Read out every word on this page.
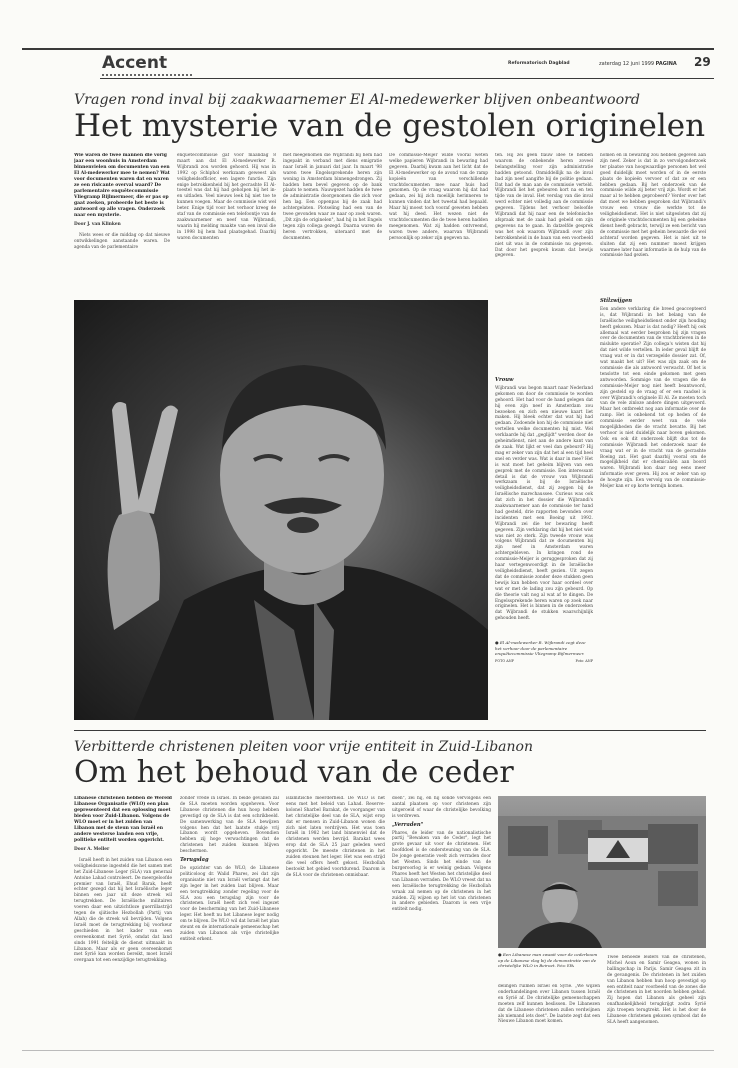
Accent	Reformatorisch Dagblad	zaterdag 12 juni 1999 PAGINA 29
Vragen rond inval bij zaakwaarnemer El Al-medewerker blijven onbeantwoord
Het mysterie van de gestolen originelen

Wie waren de twee mannen die vorig jaar een woonhuis in Amsterdam binnenvielen om documenten van een El Al-medewerker mee te nemen? Wat voor documenten waren dat en waren ze een risicante overval waard? De parlementaire enquêtecommissie Vliegramp Bijlmermeer, die er pas op gaat zoeken, probeerde het beste is antwoord op alle vragen. Onderzoek naar een mysterie.

Door J. van Klinken

Niets wees er die middag op dat nieuwe ontwikkelingen aanstaande waren. De agenda van de parlementaire

enquêtecommissie gaf voor maandag 8 maart aan dat El Al-medewerker R. Wijbrandi zou worden gehoord. Hij was in 1992 op Schiphol werkzaam geweest als veiligheidsofficier, een lagere functie. Zijn enige betrokkenheid bij het gecrashte El Al-toestel was dat hij had geholpen bij het in- en uitladen. Veel nieuws leek hij niet toe te kunnen voegen. Maar de commissie wist wel beter. Enige tijd voor het verhoor kreeg de staf van de commissie een telefoontje van de zaakwaarnemer en neef van Wijbrandi, waarin hij melding maakte van een inval die in 1998 bij hem had plaatsgehad. Daarbij waren documenten

met meegenomen die Wijbrandi bij hem had ingepakt in verband met diens emigratie naar Israël in januari dat jaar. In maart '98 waren twee Engelssprekende heren zijn woning in Amsterdam binnengedrongen. Zij hadden hem bevel gegeven op de bank plaats te nemen. Nauwgezet hadden de twee de administratie doorgenomen die zich voor hen lag. Een oppenpas bij de zaak had achtergelaten. Plotseling had een van de twee gevonden waar ze naar op zoek waren. „Dit zijn de originelen", had hij in het Engels tegen zijn collega gezegd. Daarna waren de heren vertrokken, uiteraard met de documenten.

De commissie-Meijer wilde vooral weten welke papieren Wijbrandi in bewaring had gegeven. Daarbij kwam aan het licht dat de El Al-medewerker op de avond van de ramp kopieën van verschillende vrachtdocumenten mee naar huis had genomen. Op de vraag waarom hij dat had gedaan, zei hij zich moeilijk herinneren te kunnen vinden dat het tweetal had bepaald. Maar hij moest toch vooraf geweten hebben wat hij deed. Het wezen niet de vrachtdocumenten die de twee heren hadden meegenomen. Wat zij hadden ontvreemd, waren twee andere, waarvan Wijbrandi persoonlijk op zeker zijn gegeven na.

ten. Hij zei geen flauw idee te hebben waarom de onbekende heren zoveel belangstelling voor zijn administratie hadden getoond. Onmiddellijk na de inval had zijn neef aangifte bij de politie gedaan. Dat had de man aan de commissie verteld. Wijbrandi liet het gebeuren kort na en ten tijde van de inval. Het verslag van die inval werd echter niet volledig aan de commissie gegeven. Tijdens het verhoor beloofde Wijbrandi dat hij naar een de telefonische afspraak met de zaak had gebeld om zijn gegevens na te gaan. In datzelfde gesprek was het ook waarom Wijbrandi over zijn betrokkenheid in de baan van een voorbeeld niet uit was in de commissie nu gegeven. Dat door het gesprek kwam dat bewijs gegeven.

Vrouw

Wijbrandi was begon maart naar Nederland gekomen om door de commissie te worden gehoord. Het had voor de hand gelegen dat hij even zijn neef in Amsterdam zou bezoeken en zich een nieuwe kaart liet maken. Hij bleek echter dat wat hij had gedaan. Zodoende kon hij de commissie niet vertellen welke documenten hij mist. Wel verklaarde hij dat „geglijdt" werden door de geheimdienst, niet aan de andere kant van de zaak. Wat lijkt er veel dan gebeurd? Hij mag er zeker van zijn dat het al een tijd heel snel en verder was. Wat is daar in mee? Het is wat moet het geheim blijven van een gesprek met de commissie. Een interessant detail is dat de vrouw van Wijbrandi werkzaam is bij de Israëlische veiligheidsdienst, dat zij zeggen bij de Israëlische marechaussee. Curieus was ook dat zich in het dossier die Wijbrandi's zaakwaarnemer aan de commissie ter hand had gesteld, drie rapporten bevonden over incidenten met een Boeing uit 1992. Wijbrandi zei die ter bewaring heeft gegeven. Zijn verklaring dat hij het niet wist was niet zo sterk. Zijn tweede vrouw was volgens Wijbrandi dat ze documenten bij zijn neef in Amsterdam waren achtergebleven. In kringen rond de commissie-Meijer is geruggesproken dat zij haar vertegenwoordigt in de Israëlische veiligheidsdienst, heeft gezien. Uit zegen dat de commissie zonder deze stukken geen bewijs kan hebben voor haar oordeel over wat er met de lading zou zijn gebeurd. Op die theorie valt nog al wat af te dingen. De Engelssprekende heren waren op zoek naar originelen. Het is binnen in de onderzoeken dat Wijbrandi de stukken waarschijnlijk gehouden heeft.

nomen en in bewaring zou hebben gegeven aan zijn neef. Zeker is dat in zo vervolgonderzoek ter plaatse van hoogwaardige personen het wel goed duidelijk moet worden of in de eerste plaats de kopieën vervoer of dat ze er een hebben gedaan. Bij het onderzoek van de commissie wilde zij beter vrij zijn. Wordt er het maar al te hebben geprobeerd? Verder over het dat moet we hebben gesproken dat Wijbrandi's vrouw een vrouw die werkte tot de veiligheidsdienst. Het is niet uitgesloten dat zij de originele vrachtdocumenten bij een geheime dienst heeft gebracht, terwijl ze een bericht van de commissie met het geheim bewaarde die wel achteraf worden gegeven. Het is niet uit te sluiten dat zij een nummer moest krijgen waarmee later haar informatie in de hulp van de commissie had gezien.

Stilzwijgen

Een andere verklaring die breed geaccepteerd is, dat Wijbrandi in het belang van de Israëlische veiligheidsdienst onder zijn houding heeft gekozen. Maar is dat nodig? Heeft hij ook allemaal wat eerder besproken bij zijn vragen over de documenten van de vrachtbrieven in de mislukte operatie? Zijn collega's wisten dat hij dat niet wilde vertellen. In ieder geval blijft de vraag wat er in dat verzegelde dossier zat. Of, wat maakt het uit? Het was zijn zaak om de commissie die als antwoord verwacht. Of het is tenslotte tot een einde gekomen met geen antwoorden. Sommige van de vragen die de commissie-Meijer nog niet heeft beantwoord, zijn gesteld op de vraag of er een raadsel is over Wijbrandi's originele El Al. Ze moeten toch van de vele zinloze andere dingen uitgevoerd. Maar het ontbreekt nog aan informatie over de ramp. Het is onbekend tot op heden of de commissie eerder weet van de vele mogelijkheden die de vracht bevatte. Bij het verhoor is niet duidelijk naar boven gekomen. Ook en ook dit onderzoek blijft dus tot de commissie Wijbrandi het onderzoek naar de vraag wat er in de vracht van de gecrashte Boeing zat. Het gaat daarbij vooral om de mogelijkheid dat er chemicaliën aan boord waren. Wijbrandi kon daar nog eens meer informatie over geven. Hij zou er zeker van op de hoogte zijn. Een vervolg van de commissie-Meijer kan er op korte termijn komen.

● El Al-medewerker R. Wijbrandi zegt deze het verhoor door de parlementaire enquêtecommissie Vliegramp Bijlmermeer.
FOTO ANP	Foto: ANP
Verbitterde christenen pleiten voor vrije entiteit in Zuid-Libanon
Om het behoud van de ceder

Libanese christenen hebben de Wereld Libanese Organisatie (WLO) een plan gepresenteerd dat een oplossing moet bieden voor Zuid-Libanon. Volgens de WLO moet er in het zuiden van Libanon met de steun van Israël en andere westerse landen een vrije, politieke entiteit worden opgericht.

Door A. Meller

Israël heeft in het zuiden van Libanon een veiligheidszone ingesteld die het samen met het Zuid-Libanese Leger (SLA) van generaal Antoine Lahad controleert. De meergeloofde premier van Israël, Ehud Barak, heeft echter gezegd dat hij het Israëlische leger binnen een jaar uit deze streek wil terugtrekken. De Israëlische militairen voeren daar een uitzichtloze guerrillastrijd tegen de sjiitische Hezbollah (Partij van Allah) die de streek wil bevrijden. Volgens Israël moet de terugtrekking bij voorkeur geschieden in het kader van een overeenkomst met Syrië, omdat dat land sinds 1991 feitelijk de dienst uitmaakt in Libanon. Maar als er geen overeenkomst met Syrië kan worden bereikt, moet Israël overgaan tot een eenzijdige terugtrekking.

zonder vrede in Israël. In beide gevallen zal de SLA moeten worden opgeheven. Voor Libanese christenen die hun hoop hebben gevestigd op de SLA is dat een schrikbeeld. De samenwerking van de SLA bewijzen volgens hen dat het laatste stukje vrij Libanon wordt opgeheven. Bovendien hebben zij hoge verwachtingen dat de christenen het zuiden kunnen blijven beschermen.

Terugslag

De opzichter van de WLO, de Libanese politicoloog dr. Walid Phares, zei dat zijn organisatie niet van Israël verlangt dat het zijn leger in het zuiden laat blijven. Maar een terugtrekking zonder regeling voor de SLA zou een terugslag zijn voor de christenen. Israël heeft zich veel ingezet voor de bescherming van het Zuid-Libanese leger. Het heeft nu het Libanese leger nodig om te blijven. De WLO wil dat Israël het plan steunt en de internationale gemeenschap het zuiden van Libanon als vrije christelijke entiteit erkent.

islamitische meerderheid. De WLO is het eens met het beleid van Lahad. Reserve-kolonel Sharbel Barakat, de voorganger van het christelijke deel van de SLA, wijst erop dat er mensen in Zuid-Libanon wonen die zich niet laten verdrijven. Het was toen Israël in 1982 het land binnenviel dat de christenen werden bevrijd. Barakat wees erop dat de SLA 25 jaar geleden werd opgericht. De meeste christenen in het zuiden steunen het leger. Het was een strijd die veel offers heeft gekost. Hezbollah bestookt het gebied voortdurend. Daarom is de SLA voor de christenen onmisbaar.

doen", zei hij, en hij sonde vervolgens een aantal plaatsen op voor christenen zijn uitgeroeid of waar de christelijke bevolking is verdreven.

„Verraden"

Phares, de leider van de nationalistische partij "Bewaken van de Ceder", legt het grote gevaar uit voor de christenen. Het hoofddoel is de ondersteuning van de SLA. De jonge generatie voelt zich verraden door het Westen. Sinds het einde van de burgeroorlog is er weinig gedaan. Volgens Phares heeft het Westen het christelijke deel van Libanon verraden. De WLO vreest dat na een Israëlische terugtrekking de Hezbollah wraak zal nemen op de christenen in het zuiden. Zij wijzen op het lot van christenen in andere gebieden. Daarom is een vrije entiteit nodig.

● Een Libanese man zwaait voor de cederboom op de Libanese vlag bij de demonstratie van de christelijke WLO in Beiroet. Foto: EPA

delingen ruimen Israël en Syrië. „We wijzen onderhandelingen over Libanon tussen Israël en Syrië af. De christelijke gemeenschappen moeten zelf kunnen beslissen. De Libanezen dat de Libanese christenen zullen verdwijnen als niemand iets doet". De laatste zegt dat een Nieuwe Libanon moet komen.

Twee behoede leiders van de christenen, Michel Aoun en Samir Geagea, wonen in ballingschap in Parijs. Samir Geagea zit in de gevangenis. De christenen in het zuiden van Libanon hebben hun hoop gevestigd op een entiteit naar voorbeeld van de zones die de christenen in het noorden hebben gehad. Zij hopen dat Libanon als geheel zijn onafhankelijkheid terugkrijgt zodra Syrië zijn troepen terugtrekt. Het is het door de Libanese christenen gekozen symbool dat de SLA heeft aangenomen.
